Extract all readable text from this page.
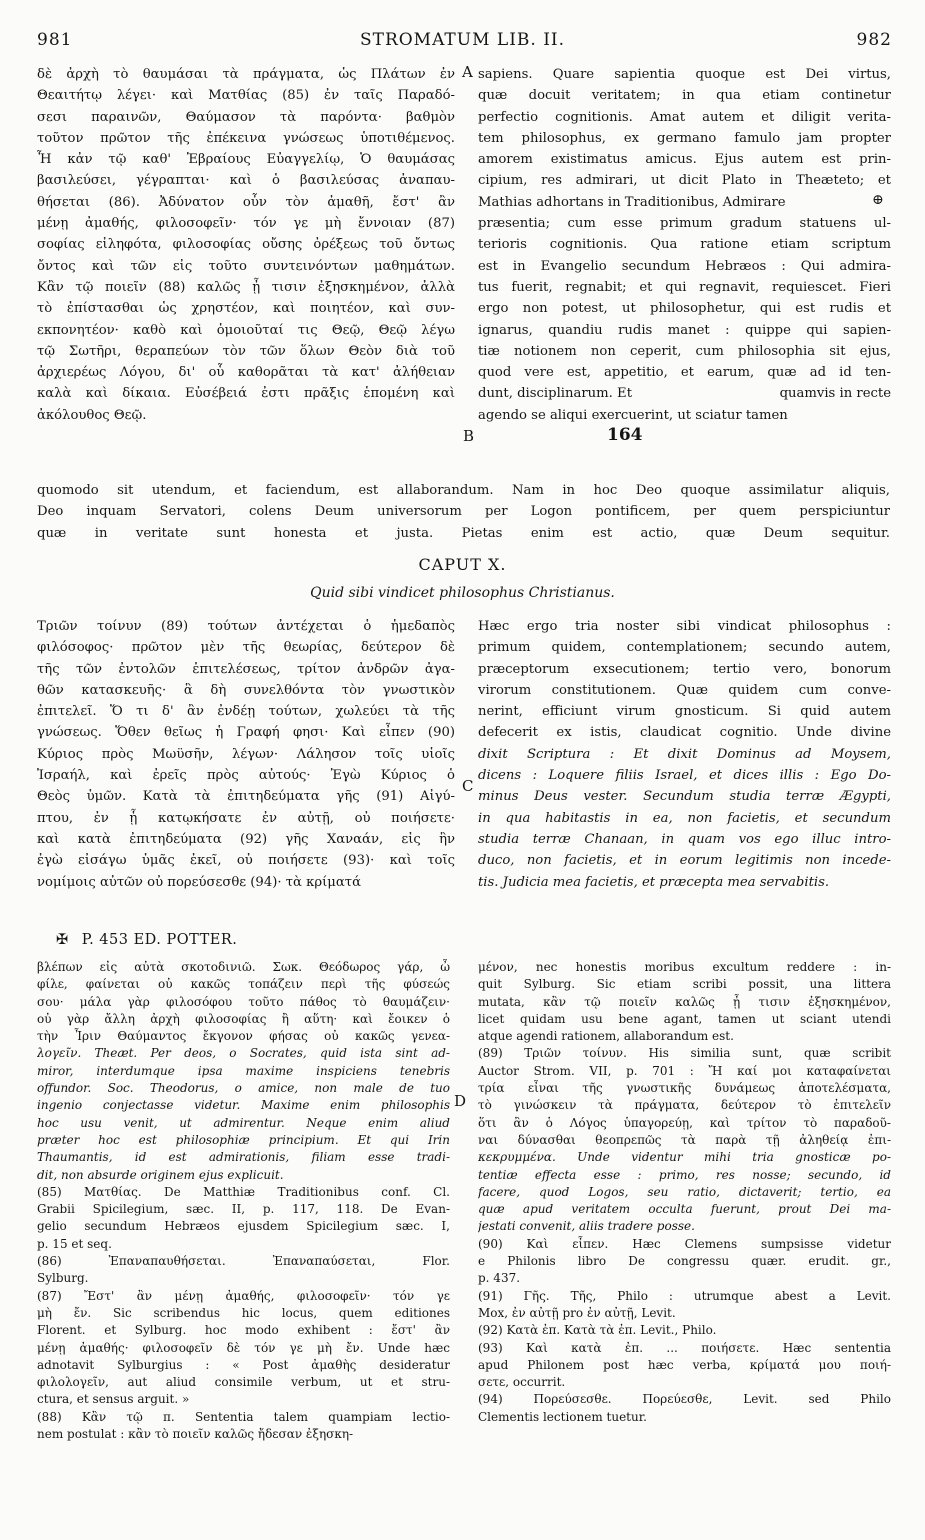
981	STROMATUM LIB. II.	982
A
B
C
D

δὲ ἀρχὴ τὸ θαυμάσαι τὰ πράγματα, ὡς Πλάτων ἐν

Θεαιτήτῳ λέγει· καὶ Ματθίας (85) ἐν ταῖς Παραδό-

σεσι παραινῶν, Θαύμασον τὰ παρόντα· βαθμὸν

τοῦτον πρῶτον τῆς ἐπέκεινα γνώσεως ὑποτιθέμενος.

Ἦ κἀν τῷ καθ' Ἑβραίους Εὐαγγελίῳ, Ὁ θαυμάσας

βασιλεύσει, γέγραπται· καὶ ὁ βασιλεύσας ἀναπαυ-

θήσεται (86). Ἀδύνατον οὖν τὸν ἀμαθῆ, ἔστ' ἂν

μένῃ ἀμαθής, φιλοσοφεῖν· τόν γε μὴ ἔννοιαν (87)

σοφίας εἰληφότα, φιλοσοφίας οὔσης ὀρέξεως τοῦ ὄντως

ὄντος καὶ τῶν εἰς τοῦτο συντεινόντων μαθημάτων.

Κἂν τῷ ποιεῖν (88) καλῶς ᾖ τισιν ἐξησκημένον, ἀλλὰ

τὸ ἐπίστασθαι ὡς χρηστέον, καὶ ποιητέον, καὶ συν-

εκπονητέον· καθὸ καὶ ὁμοιοῦταί τις Θεῷ, Θεῷ λέγω

τῷ Σωτῆρι, θεραπεύων τὸν τῶν ὅλων Θεὸν διὰ τοῦ

ἀρχιερέως Λόγου, δι' οὗ καθορᾶται τὰ κατ' ἀλήθειαν

καλὰ καὶ δίκαια. Εὐσέβειά ἐστι πρᾶξις ἑπομένη καὶ

ἀκόλουθος Θεῷ.

sapiens. Quare sapientia quoque est Dei virtus,

quæ docuit veritatem; in qua etiam continetur

perfectio cognitionis. Amat autem et diligit verita-

tem philosophus, ex germano famulo jam propter

amorem existimatus amicus. Ejus autem est prin-

cipium, res admirari, ut dicit Plato in Theæteto; et

Mathias adhortans in Traditionibus, Admirare

præsentia; cum esse primum gradum statuens ul-

terioris cognitionis. Qua ratione etiam scriptum

est in Evangelio secundum Hebræos : Qui admira-

tus fuerit, regnabit; et qui regnavit, requiescet. Fieri

ergo non potest, ut philosophetur, qui est rudis et

ignarus, quandiu rudis manet : quippe qui sapien-

tiæ notionem non ceperit, cum philosophia sit ejus,

quod vere est, appetitio, et earum, quæ ad id ten-

dunt, disciplinarum. Et	quamvis in recte

agendo se aliqui exercuerint, ut sciatur tamen

⊕
164

quomodo sit utendum, et faciendum, est allaborandum. Nam in hoc Deo quoque assimilatur aliquis,

Deo inquam Servatori, colens Deum universorum per Logon pontificem, per quem perspiciuntur

quæ in veritate sunt honesta et justa. Pietas enim est actio, quæ Deum sequitur.

CAPUT X.
Quid sibi vindicet philosophus Christianus.

Τριῶν τοίνυν (89) τούτων ἀντέχεται ὁ ἡμεδαπὸς

φιλόσοφος· πρῶτον μὲν τῆς θεωρίας, δεύτερον δὲ

τῆς τῶν ἐντολῶν ἐπιτελέσεως, τρίτον ἀνδρῶν ἀγα-

θῶν κατασκευῆς· ἃ δὴ συνελθόντα τὸν γνωστικὸν

ἐπιτελεῖ. Ὅ τι δ' ἂν ἐνδέῃ τούτων, χωλεύει τὰ τῆς

γνώσεως. Ὅθεν θεῖως ἡ Γραφή φησι· Καὶ εἶπεν (90)

Κύριος πρὸς Μωϋσῆν, λέγων· Λάλησον τοῖς υἱοῖς

Ἰσραήλ, καὶ ἐρεῖς πρὸς αὐτούς· Ἐγὼ Κύριος ὁ

Θεὸς ὑμῶν. Κατὰ τὰ ἐπιτηδεύματα γῆς (91) Αἰγύ-

πτου, ἐν ᾗ κατῳκήσατε ἐν αὐτῇ, οὐ ποιήσετε·

καὶ κατὰ ἐπιτηδεύματα (92) γῆς Χαναάν, εἰς ἣν

ἐγὼ εἰσάγω ὑμᾶς ἐκεῖ, οὐ ποιήσετε (93)· καὶ τοῖς

νομίμοις αὐτῶν οὐ πορεύσεσθε (94)· τὰ κρίματά

Hæc ergo tria noster sibi vindicat philosophus :

primum quidem, contemplationem; secundo autem,

præceptorum exsecutionem; tertio vero, bonorum

virorum constitutionem. Quæ quidem cum conve-

nerint, efficiunt virum gnosticum. Si quid autem

defecerit ex istis, claudicat cognitio. Unde divine

dixit Scriptura : Et dixit Dominus ad Moysem,

dicens : Loquere filiis Israel, et dices illis : Ego Do-

minus Deus vester. Secundum studia terræ Ægypti,

in qua habitastis in ea, non facietis, et secundum

studia terræ Chanaan, in quam vos ego illuc intro-

duco, non facietis, et in eorum legitimis non incede-

tis. Judicia mea facietis, et præcepta mea servabitis.

✠ P. 453 ED. POTTER.

βλέπων εἰς αὐτὰ σκοτοδινιῶ. Σωκ. Θεόδωρος γάρ, ὦ

φίλε, φαίνεται οὐ κακῶς τοπάζειν περὶ τῆς φύσεώς

σου· μάλα γὰρ φιλοσόφου τοῦτο πάθος τὸ θαυμάζειν·

οὐ γὰρ ἄλλη ἀρχὴ φιλοσοφίας ἢ αὕτη· καὶ ἔοικεν ὁ

τὴν Ἶριν Θαύμαντος ἔκγονον φήσας οὐ κακῶς γενεα-

λογεῖν. Theæt. Per deos, o Socrates, quid ista sint ad-

miror, interdumque ipsa maxime inspiciens tenebris

offundor. Soc. Theodorus, o amice, non male de tuo

ingenio conjectasse videtur. Maxime enim philosophis

hoc usu venit, ut admirentur. Neque enim aliud

præter hoc est philosophiæ principium. Et qui Irin

Thaumantis, id est admirationis, filiam esse tradi-

dit, non absurde originem ejus explicuit.

(85) Ματθίας. De Matthiæ Traditionibus conf. Cl.

Grabii Spicilegium, sæc. II, p. 117, 118. De Evan-

gelio secundum Hebræos ejusdem Spicilegium sæc. I,

p. 15 et seq.

(86) Ἐπαναπαυθήσεται. Ἐπαναπαύσεται, Flor.

Sylburg.

(87) Ἔστ' ἂν μένῃ ἀμαθής, φιλοσοφεῖν· τόν γε

μὴ ἔν. Sic scribendus hic locus, quem editiones

Florent. et Sylburg. hoc modo exhibent : ἔστ' ἂν

μένῃ ἀμαθής· φιλοσοφεῖν δὲ τόν γε μὴ ἔν. Unde hæc

adnotavit Sylburgius : « Post ἀμαθὴς desideratur

φιλολογεῖν, aut aliud consimile verbum, ut et stru-

ctura, et sensus arguit. »

(88) Κἂν τῷ π. Sententia talem quampiam lectio-

nem postulat : κἂν τὸ ποιεῖν καλῶς ἤδεσαν ἐξησκη-

μένον, nec honestis moribus excultum reddere : in-

quit Sylburg. Sic etiam scribi possit, una littera

mutata, κἂν τῷ ποιεῖν καλῶς ᾖ τισιν ἐξησκημένον,

licet quidam usu bene agant, tamen ut sciant utendi

atque agendi rationem, allaborandum est.

(89) Τριῶν τοίνυν. His similia sunt, quæ scribit

Auctor Strom. VII, p. 701 : Ἤ καί μοι καταφαίνεται

τρία εἶναι τῆς γνωστικῆς δυνάμεως ἀποτελέσματα,

τὸ γινώσκειν τὰ πράγματα, δεύτερον τὸ ἐπιτελεῖν

ὅτι ἂν ὁ Λόγος ὑπαγορεύῃ, καὶ τρίτον τὸ παραδοῦ-

ναι δύνασθαι θεοπρεπῶς τὰ παρὰ τῇ ἀληθείᾳ ἐπι-

κεκρυμμένα. Unde videntur mihi tria gnosticæ po-

tentiæ effecta esse : primo, res nosse; secundo, id

facere, quod Logos, seu ratio, dictaverit; tertio, ea

quæ apud veritatem occulta fuerunt, prout Dei ma-

jestati convenit, aliis tradere posse.

(90) Καὶ εἶπεν. Hæc Clemens sumpsisse videtur

e Philonis libro De congressu quær. erudit. gr.,

p. 437.

(91) Γῆς. Τῆς, Philo : utrumque abest a Levit.

Mox, ἐν αὐτῇ pro ἐν αὐτῇ, Levit.

(92) Κατὰ ἐπ. Κατὰ τὰ ἐπ. Levit., Philo.

(93) Καὶ κατὰ ἐπ. ... ποιήσετε. Hæc sententia

apud Philonem post hæc verba, κρίματά μου ποιή-

σετε, occurrit.

(94) Πορεύσεσθε. Πορεύεσθε, Levit. sed Philo

Clementis lectionem tuetur.
